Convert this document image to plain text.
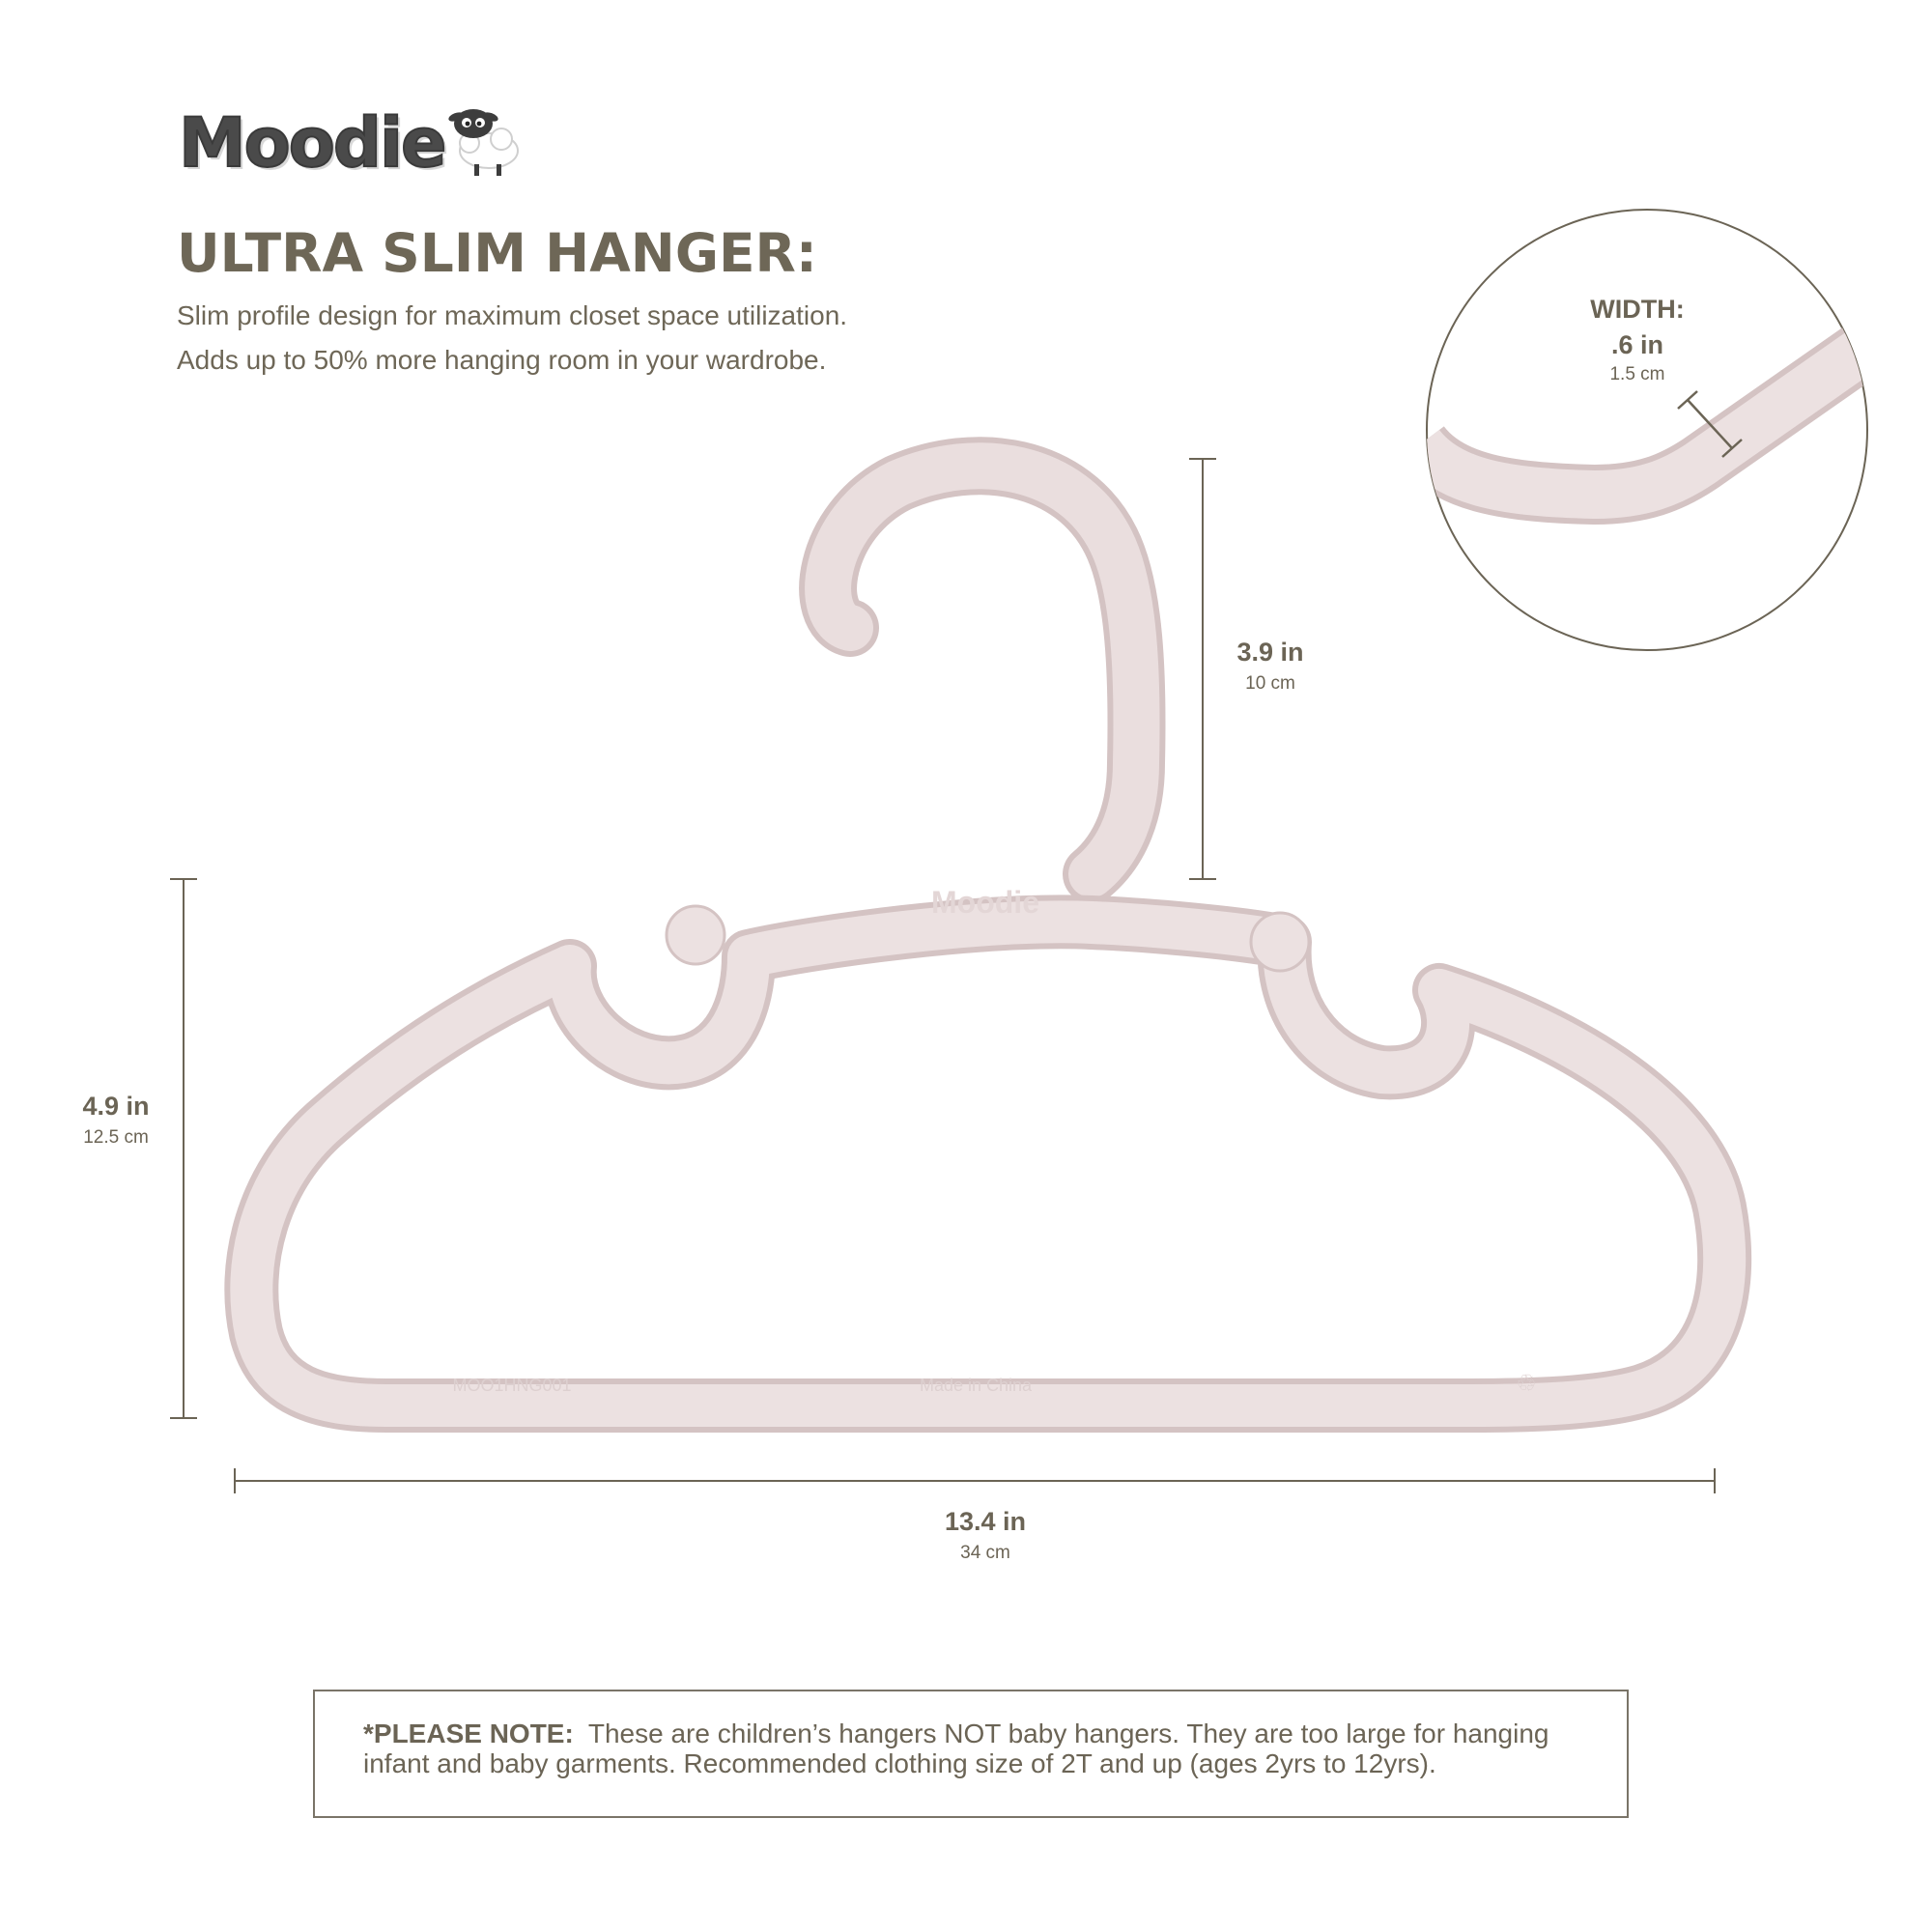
Moodie
ULTRA SLIM HANGER:
Slim profile design for maximum closet space utilization.
Adds up to 50% more hanging room in your wardrobe.
Moodie
MOO1HNG001	Made in China	♲
3.9 in
10 cm
4.9 in
12.5 cm
13.4 in
34 cm
WIDTH:
.6 in
1.5 cm
*PLEASE NOTE: These are children’s hangers NOT baby hangers. They are too large for hanging infant and baby garments. Recommended clothing size of 2T and up (ages 2yrs to 12yrs).
